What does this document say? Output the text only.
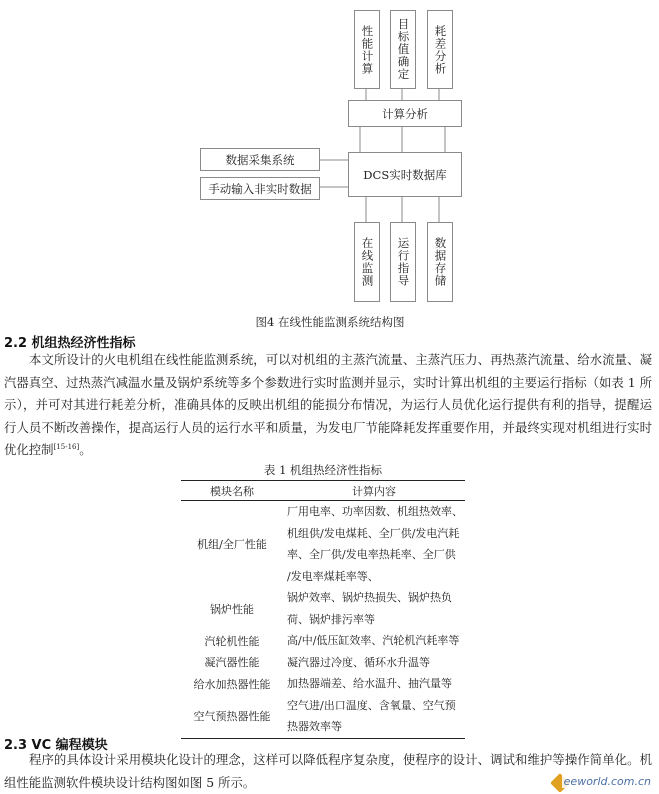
性能计算	目标值确定	耗差分析
计算分析
数据采集系统
手动输入非实时数据
DCS实时数据库
在线监测	运行指导	数据存储
图4 在线性能监测系统结构图
2.2 机组热经济性指标
本文所设计的火电机组在线性能监测系统，可以对机组的主蒸汽流量、主蒸汽压力、再热蒸汽流量、给水流量、凝汽器真空、过热蒸汽减温水量及锅炉系统等多个参数进行实时监测并显示，实时计算出机组的主要运行指标（如表 1 所示），并可对其进行耗差分析，准确具体的反映出机组的能损分布情况，为运行人员优化运行提供有利的指导，提醒运行人员不断改善操作，提高运行人员的运行水平和质量，为发电厂节能降耗发挥重要作用，并最终实现对机组进行实时优化控制[15-16]。
表 1 机组热经济性指标
模块名称	计算内容
机组/全厂性能	厂用电率、功率因数、机组热效率、
机组供/发电煤耗、全厂供/发电汽耗
率、全厂供/发电率热耗率、全厂供
/发电率煤耗率等、

锅炉性能	锅炉效率、锅炉热损失、锅炉热负
荷、锅炉排污率等

汽轮机性能	高/中/低压缸效率、汽轮机汽耗率等

凝汽器性能	凝汽器过冷度、循环水升温等

给水加热器性能	加热器端差、给水温升、抽汽量等

空气预热器性能	空气进/出口温度、含氧量、空气预
热器效率等
2.3 VC 编程模块
程序的具体设计采用模块化设计的理念，这样可以降低程序复杂度，使程序的设计、调试和维护等操作简单化。机组性能监测软件模块设计结构图如图 5 所示。	eeworld.com.cn
